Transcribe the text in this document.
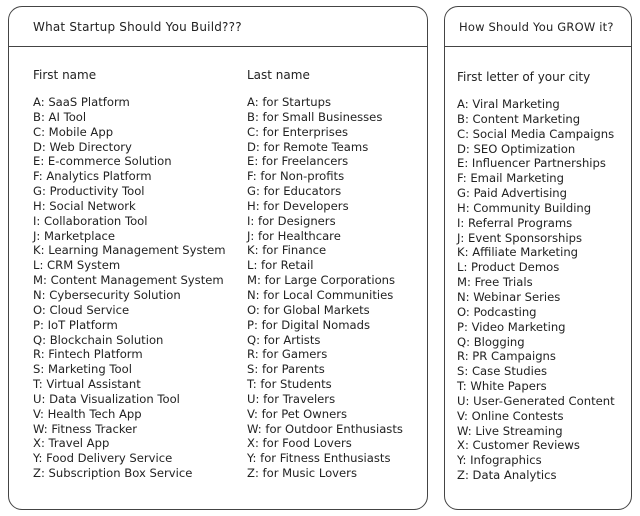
What Startup Should You Build???
First name
A: SaaS Platform
B: AI Tool
C: Mobile App
D: Web Directory
E: E-commerce Solution
F: Analytics Platform
G: Productivity Tool
H: Social Network
I: Collaboration Tool
J: Marketplace
K: Learning Management System
L: CRM System
M: Content Management System
N: Cybersecurity Solution
O: Cloud Service
P: IoT Platform
Q: Blockchain Solution
R: Fintech Platform
S: Marketing Tool
T: Virtual Assistant
U: Data Visualization Tool
V: Health Tech App
W: Fitness Tracker
X: Travel App
Y: Food Delivery Service
Z: Subscription Box Service
Last name
A: for Startups
B: for Small Businesses
C: for Enterprises
D: for Remote Teams
E: for Freelancers
F: for Non-profits
G: for Educators
H: for Developers
I: for Designers
J: for Healthcare
K: for Finance
L: for Retail
M: for Large Corporations
N: for Local Communities
O: for Global Markets
P: for Digital Nomads
Q: for Artists
R: for Gamers
S: for Parents
T: for Students
U: for Travelers
V: for Pet Owners
W: for Outdoor Enthusiasts
X: for Food Lovers
Y: for Fitness Enthusiasts
Z: for Music Lovers
How Should You GROW it?
First letter of your city
A: Viral Marketing
B: Content Marketing
C: Social Media Campaigns
D: SEO Optimization
E: Influencer Partnerships
F: Email Marketing
G: Paid Advertising
H: Community Building
I: Referral Programs
J: Event Sponsorships
K: Affiliate Marketing
L: Product Demos
M: Free Trials
N: Webinar Series
O: Podcasting
P: Video Marketing
Q: Blogging
R: PR Campaigns
S: Case Studies
T: White Papers
U: User-Generated Content
V: Online Contests
W: Live Streaming
X: Customer Reviews
Y: Infographics
Z: Data Analytics
